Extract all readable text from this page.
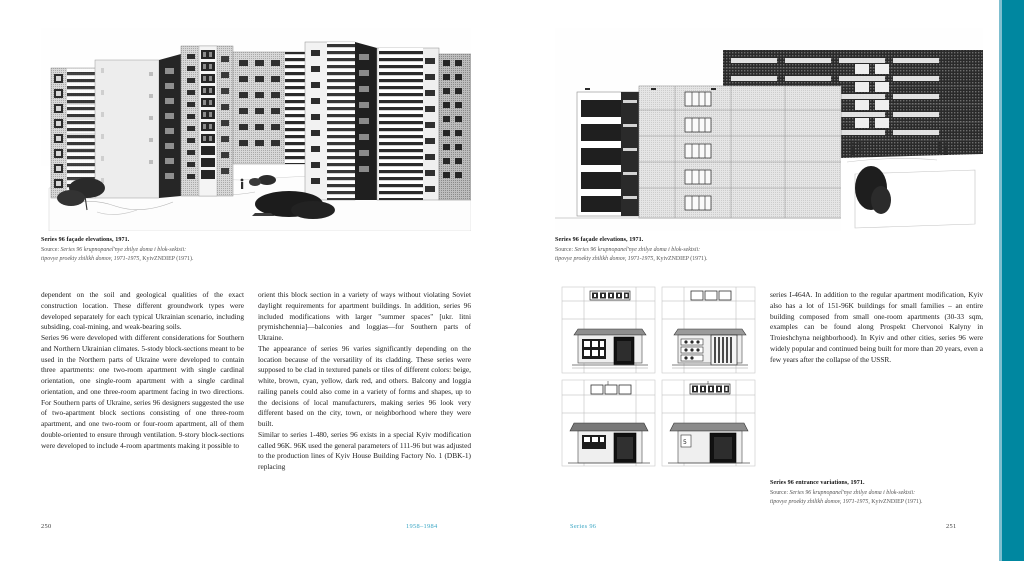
Series 96 façade elevations, 1971.
Source: Series 96 krupnopanel'nye zhilye doma i blok-sektsii:
tipovye proekty zhilikh domov, 1971-1975, KyivZNDIEP (1971).

dependent on the soil and geological qualities of the exact construction location. These different groundwork types were developed separately for each typical Ukrainian scenario, including subsiding, coal-mining, and weak-bearing soils.

Series 96 were developed with different considerations for Southern and Northern Ukrainian climates. 5-stody block-sections meant to be used in the Northern parts of Ukraine were developed to contain three apartments: one two-room apartment with single cardinal orientation, one single-room apartment with a single cardinal orientation, and one three-room apartment facing in two directions. For Southern parts of Ukraine, series 96 designers suggested the use of two-apartment block sections consisting of one three-room apartment, and one two-room or four-room apartment, all of them double-oriented to ensure through ventilation. 9-story block-sections were developed to include 4-room apartments making it possible to

orient this block section in a variety of ways without violating Soviet daylight requirements for apartment buildings. In addition, series 96 included modifications with larger "summer spaces" [ukr. litni prymishchennia]—balconies and loggias—for Southern parts of Ukraine.

The appearance of series 96 varies significantly depending on the location because of the versatility of its cladding. These series were supposed to be clad in textured panels or tiles of different colors: beige, white, brown, cyan, yellow, dark red, and others. Balcony and loggia railing panels could also come in a variety of forms and shapes, up to the decisions of local manufacturers, making series 96 look very different based on the city, town, or neighborhood where they were built.

Similar to series 1-480, series 96 exists in a special Kyiv modification called 96K. 96K used the general parameters of 111-96 but was adjusted to the production lines of Kyiv House Building Factory No. 1 (DBK-1) replacing

250	1958–1984
Series 96 façade elevations, 1971.
Source: Series 96 krupnopanel'nye zhilye doma i blok-sektsii:
tipovye proekty zhilikh domov, 1971-1975, KyivZNDIEP (1971).
5

series I-464A. In addition to the regular apartment modification, Kyiv also has a lot of 151-96K buildings for small families – an entire building composed from small one-room apartments (30-33 sqm, examples can be found along Prospekt Chervonoi Kalyny in Troieshchyna neighborhood). In Kyiv and other cities, series 96 were widely popular and continued being built for more than 20 years, even a few years after the collapse of the USSR.

Series 96 entrance variations, 1971.
Source: Series 96 krupnopanel'nye zhilye doma i blok-sektsii:
tipovye proekty zhilikh domov, 1971-1975, KyivZNDIEP (1971).
Series 96	251
